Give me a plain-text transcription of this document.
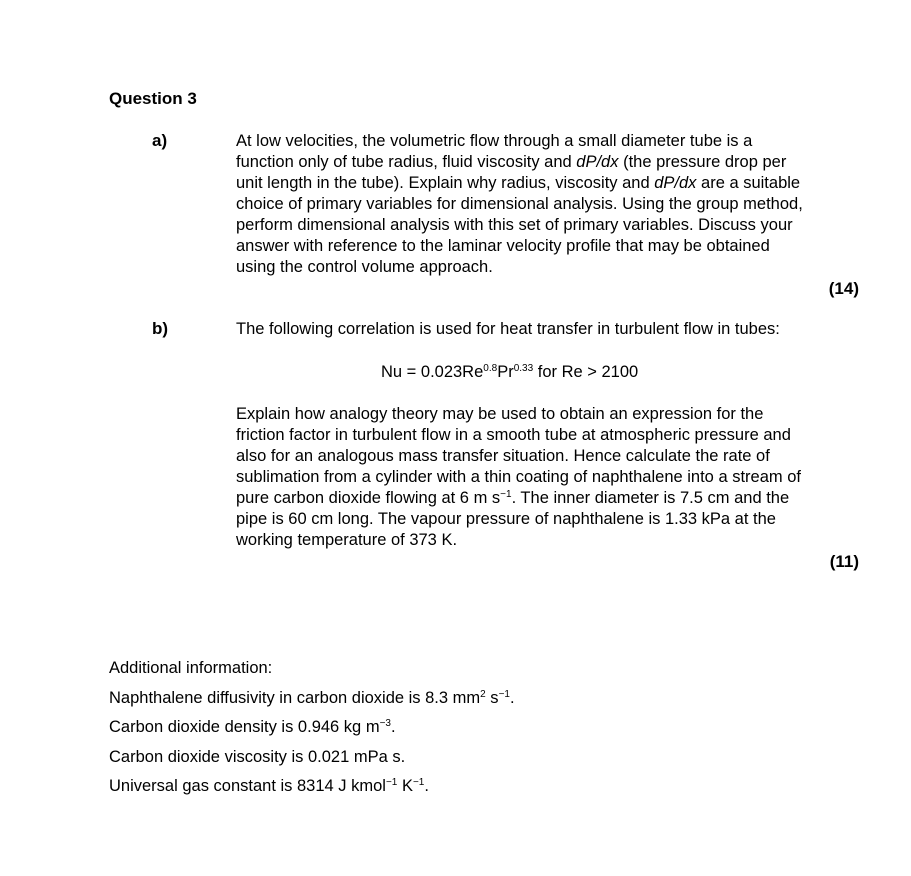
Question 3
a)	At low velocities, the volumetric flow through a small diameter tube is a function only of tube radius, fluid viscosity and dP/dx (the pressure drop per unit length in the tube). Explain why radius, viscosity and dP/dx are a suitable choice of primary variables for dimensional analysis. Using the group method, perform dimensional analysis with this set of primary variables. Discuss your answer with reference to the laminar velocity profile that may be obtained using the control volume approach.
(14)
b)	The following correlation is used for heat transfer in turbulent flow in tubes:
$Nu = 0.023Re^{0.8}Pr^{0.33}$ for Re > 2100
Explain how analogy theory may be used to obtain an expression for the friction factor in turbulent flow in a smooth tube at atmospheric pressure and also for an analogous mass transfer situation. Hence calculate the rate of sublimation from a cylinder with a thin coating of naphthalene into a stream of pure carbon dioxide flowing at 6 m $s^{-1}$. The inner diameter is 7.5 cm and the pipe is 60 cm long. The vapour pressure of naphthalene is 1.33 kPa at the working temperature of 373 K.
(11)
Additional information:
Naphthalene diffusivity in carbon dioxide is 8.3 $mm^2$ $s^{-1}$.
Carbon dioxide density is 0.946 kg $m^{-3}$.
Carbon dioxide viscosity is 0.021 mPa s.
Universal gas constant is 8314 J kmol$^{-1}$ $K^{-1}$.
